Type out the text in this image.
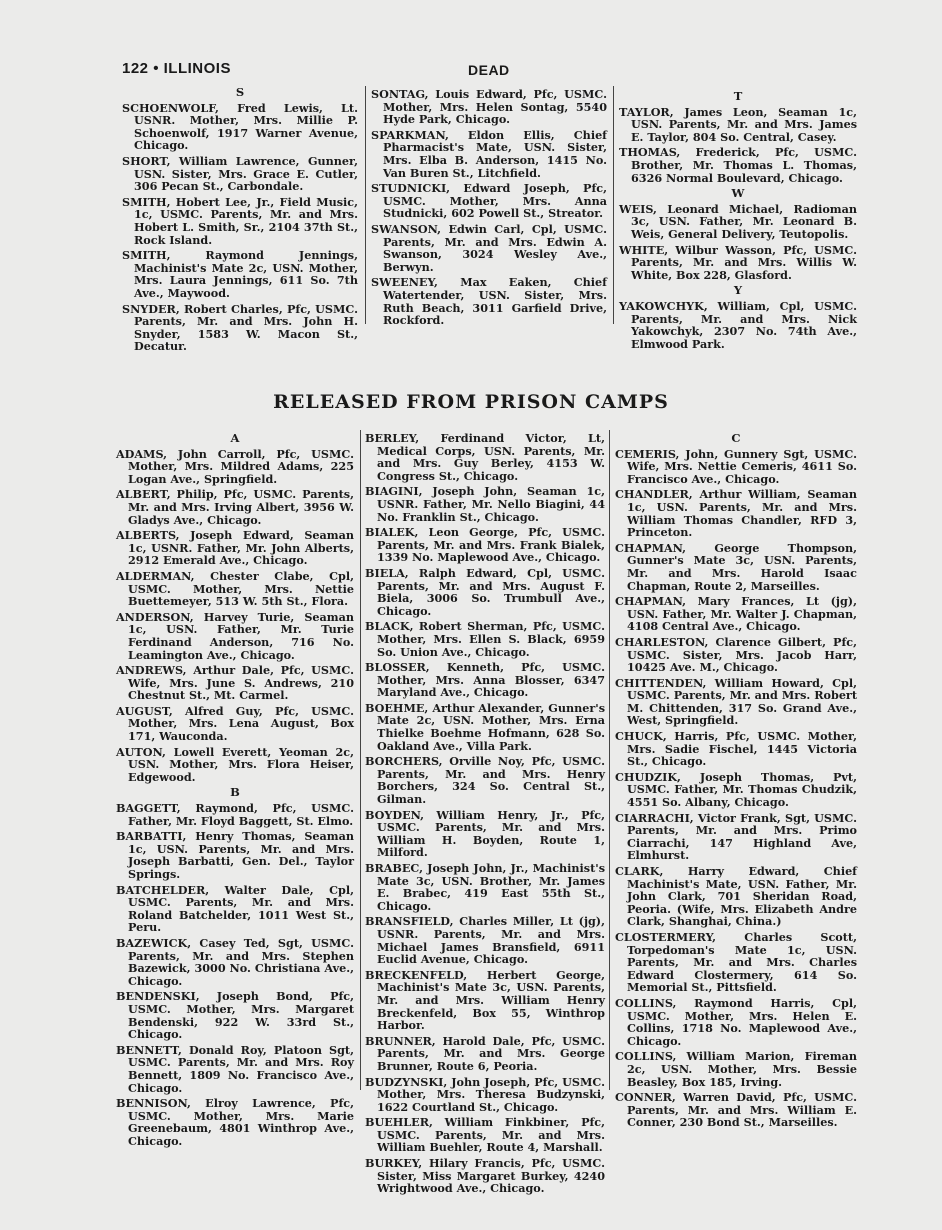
122 • ILLINOIS	DEAD
S
SCHOENWOLF, Fred Lewis, Lt. USNR. Mother, Mrs. Millie P. Schoenwolf, 1917 Warner Avenue, Chicago.
SHORT, William Lawrence, Gunner, USN. Sister, Mrs. Grace E. Cutler, 306 Pecan St., Carbondale.
SMITH, Hobert Lee, Jr., Field Music, 1c, USMC. Parents, Mr. and Mrs. Hobert L. Smith, Sr., 2104 37th St., Rock Island.
SMITH, Raymond Jennings, Machinist's Mate 2c, USN. Mother, Mrs. Laura Jennings, 611 So. 7th Ave., Maywood.
SNYDER, Robert Charles, Pfc, USMC. Parents, Mr. and Mrs. John H. Snyder, 1583 W. Macon St., Decatur.
SONTAG, Louis Edward, Pfc, USMC. Mother, Mrs. Helen Sontag, 5540 Hyde Park, Chicago.
SPARKMAN, Eldon Ellis, Chief Pharmacist's Mate, USN. Sister, Mrs. Elba B. Anderson, 1415 No. Van Buren St., Litchfield.
STUDNICKI, Edward Joseph, Pfc, USMC. Mother, Mrs. Anna Studnicki, 602 Powell St., Streator.
SWANSON, Edwin Carl, Cpl, USMC. Parents, Mr. and Mrs. Edwin A. Swanson, 3024 Wesley Ave., Berwyn.
SWEENEY, Max Eaken, Chief Watertender, USN. Sister, Mrs. Ruth Beach, 3011 Garfield Drive, Rockford.
T
TAYLOR, James Leon, Seaman 1c, USN. Parents, Mr. and Mrs. James E. Taylor, 804 So. Central, Casey.
THOMAS, Frederick, Pfc, USMC. Brother, Mr. Thomas L. Thomas, 6326 Normal Boulevard, Chicago.
W
WEIS, Leonard Michael, Radioman 3c, USN. Father, Mr. Leonard B. Weis, General Delivery, Teutopolis.
WHITE, Wilbur Wasson, Pfc, USMC. Parents, Mr. and Mrs. Willis W. White, Box 228, Glasford.
Y
YAKOWCHYK, William, Cpl, USMC. Parents, Mr. and Mrs. Nick Yakowchyk, 2307 No. 74th Ave., Elmwood Park.
RELEASED FROM PRISON CAMPS
A
ADAMS, John Carroll, Pfc, USMC. Mother, Mrs. Mildred Adams, 225 Logan Ave., Springfield.
ALBERT, Philip, Pfc, USMC. Parents, Mr. and Mrs. Irving Albert, 3956 W. Gladys Ave., Chicago.
ALBERTS, Joseph Edward, Seaman 1c, USNR. Father, Mr. John Alberts, 2912 Emerald Ave., Chicago.
ALDERMAN, Chester Clabe, Cpl, USMC. Mother, Mrs. Nettie Buettemeyer, 513 W. 5th St., Flora.
ANDERSON, Harvey Turie, Seaman 1c, USN. Father, Mr. Turie Ferdinand Anderson, 716 No. Leamington Ave., Chicago.
ANDREWS, Arthur Dale, Pfc, USMC. Wife, Mrs. June S. Andrews, 210 Chestnut St., Mt. Carmel.
AUGUST, Alfred Guy, Pfc, USMC. Mother, Mrs. Lena August, Box 171, Wauconda.
AUTON, Lowell Everett, Yeoman 2c, USN. Mother, Mrs. Flora Heiser, Edgewood.
B
BAGGETT, Raymond, Pfc, USMC. Father, Mr. Floyd Baggett, St. Elmo.
BARBATTI, Henry Thomas, Seaman 1c, USN. Parents, Mr. and Mrs. Joseph Barbatti, Gen. Del., Taylor Springs.
BATCHELDER, Walter Dale, Cpl, USMC. Parents, Mr. and Mrs. Roland Batchelder, 1011 West St., Peru.
BAZEWICK, Casey Ted, Sgt, USMC. Parents, Mr. and Mrs. Stephen Bazewick, 3000 No. Christiana Ave., Chicago.
BENDENSKI, Joseph Bond, Pfc, USMC. Mother, Mrs. Margaret Bendenski, 922 W. 33rd St., Chicago.
BENNETT, Donald Roy, Platoon Sgt, USMC. Parents, Mr. and Mrs. Roy Bennett, 1809 No. Francisco Ave., Chicago.
BENNISON, Elroy Lawrence, Pfc, USMC. Mother, Mrs. Marie Greenebaum, 4801 Winthrop Ave., Chicago.
BERLEY, Ferdinand Victor, Lt, Medical Corps, USN. Parents, Mr. and Mrs. Guy Berley, 4153 W. Congress St., Chicago.
BIAGINI, Joseph John, Seaman 1c, USNR. Father, Mr. Nello Biagini, 44 No. Franklin St., Chicago.
BIALEK, Leon George, Pfc, USMC. Parents, Mr. and Mrs. Frank Bialek, 1339 No. Maplewood Ave., Chicago.
BIELA, Ralph Edward, Cpl, USMC. Parents, Mr. and Mrs. August F. Biela, 3006 So. Trumbull Ave., Chicago.
BLACK, Robert Sherman, Pfc, USMC. Mother, Mrs. Ellen S. Black, 6959 So. Union Ave., Chicago.
BLOSSER, Kenneth, Pfc, USMC. Mother, Mrs. Anna Blosser, 6347 Maryland Ave., Chicago.
BOEHME, Arthur Alexander, Gunner's Mate 2c, USN. Mother, Mrs. Erna Thielke Boehme Hofmann, 628 So. Oakland Ave., Villa Park.
BORCHERS, Orville Noy, Pfc, USMC. Parents, Mr. and Mrs. Henry Borchers, 324 So. Central St., Gilman.
BOYDEN, William Henry, Jr., Pfc, USMC. Parents, Mr. and Mrs. William H. Boyden, Route 1, Milford.
BRABEC, Joseph John, Jr., Machinist's Mate 3c, USN. Brother, Mr. James E. Brabec, 419 East 55th St., Chicago.
BRANSFIELD, Charles Miller, Lt (jg), USNR. Parents, Mr. and Mrs. Michael James Bransfield, 6911 Euclid Avenue, Chicago.
BRECKENFELD, Herbert George, Machinist's Mate 3c, USN. Parents, Mr. and Mrs. William Henry Breckenfeld, Box 55, Winthrop Harbor.
BRUNNER, Harold Dale, Pfc, USMC. Parents, Mr. and Mrs. George Brunner, Route 6, Peoria.
BUDZYNSKI, John Joseph, Pfc, USMC. Mother, Mrs. Theresa Budzynski, 1622 Courtland St., Chicago.
BUEHLER, William Finkbiner, Pfc, USMC. Parents, Mr. and Mrs. William Buehler, Route 4, Marshall.
BURKEY, Hilary Francis, Pfc, USMC. Sister, Miss Margaret Burkey, 4240 Wrightwood Ave., Chicago.
C
CEMERIS, John, Gunnery Sgt, USMC. Wife, Mrs. Nettie Cemeris, 4611 So. Francisco Ave., Chicago.
CHANDLER, Arthur William, Seaman 1c, USN. Parents, Mr. and Mrs. William Thomas Chandler, RFD 3, Princeton.
CHAPMAN, George Thompson, Gunner's Mate 3c, USN. Parents, Mr. and Mrs. Harold Isaac Chapman, Route 2, Marseilles.
CHAPMAN, Mary Frances, Lt (jg), USN. Father, Mr. Walter J. Chapman, 4108 Central Ave., Chicago.
CHARLESTON, Clarence Gilbert, Pfc, USMC. Sister, Mrs. Jacob Harr, 10425 Ave. M., Chicago.
CHITTENDEN, William Howard, Cpl, USMC. Parents, Mr. and Mrs. Robert M. Chittenden, 317 So. Grand Ave., West, Springfield.
CHUCK, Harris, Pfc, USMC. Mother, Mrs. Sadie Fischel, 1445 Victoria St., Chicago.
CHUDZIK, Joseph Thomas, Pvt, USMC. Father, Mr. Thomas Chudzik, 4551 So. Albany, Chicago.
CIARRACHI, Victor Frank, Sgt, USMC. Parents, Mr. and Mrs. Primo Ciarrachi, 147 Highland Ave, Elmhurst.
CLARK, Harry Edward, Chief Machinist's Mate, USN. Father, Mr. John Clark, 701 Sheridan Road, Peoria. (Wife, Mrs. Elizabeth Andre Clark, Shanghai, China.)
CLOSTERMERY, Charles Scott, Torpedoman's Mate 1c, USN. Parents, Mr. and Mrs. Charles Edward Clostermery, 614 So. Memorial St., Pittsfield.
COLLINS, Raymond Harris, Cpl, USMC. Mother, Mrs. Helen E. Collins, 1718 No. Maplewood Ave., Chicago.
COLLINS, William Marion, Fireman 2c, USN. Mother, Mrs. Bessie Beasley, Box 185, Irving.
CONNER, Warren David, Pfc, USMC. Parents, Mr. and Mrs. William E. Conner, 230 Bond St., Marseilles.
